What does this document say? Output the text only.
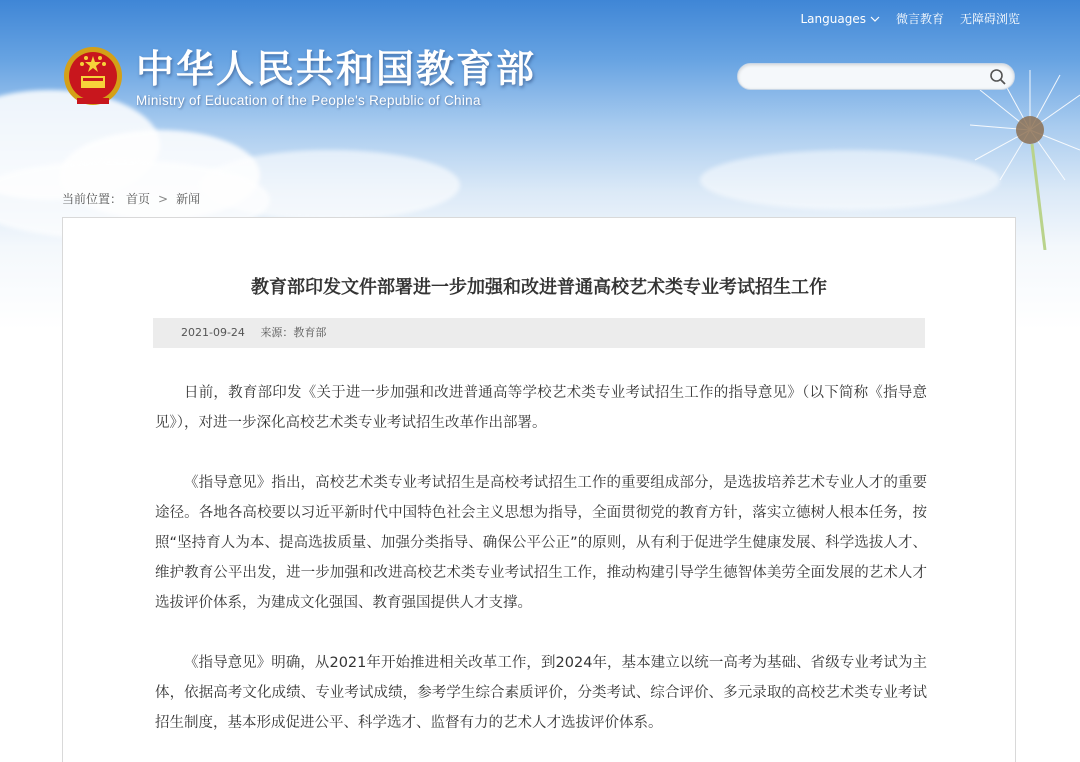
Languages	微言教育 无障碍浏览
中华人民共和国教育部
Ministry of Education of the People's Republic of China
当前位置： 首页 > 新闻
教育部印发文件部署进一步加强和改进普通高校艺术类专业考试招生工作
2021-09-24 来源：教育部

日前，教育部印发《关于进一步加强和改进普通高等学校艺术类专业考试招生工作的指导意见》（以下简称《指导意见》），对进一步深化高校艺术类专业考试招生改革作出部署。

《指导意见》指出，高校艺术类专业考试招生是高校考试招生工作的重要组成部分，是选拔培养艺术专业人才的重要途径。各地各高校要以习近平新时代中国特色社会主义思想为指导，全面贯彻党的教育方针，落实立德树人根本任务，按照“坚持育人为本、提高选拔质量、加强分类指导、确保公平公正”的原则，从有利于促进学生健康发展、科学选拔人才、维护教育公平出发，进一步加强和改进高校艺术类专业考试招生工作，推动构建引导学生德智体美劳全面发展的艺术人才选拔评价体系，为建成文化强国、教育强国提供人才支撑。

《指导意见》明确，从2021年开始推进相关改革工作，到2024年，基本建立以统一高考为基础、省级专业考试为主体，依据高考文化成绩、专业考试成绩，参考学生综合素质评价，分类考试、综合评价、多元录取的高校艺术类专业考试招生制度，基本形成促进公平、科学选才、监督有力的艺术人才选拔评价体系。
